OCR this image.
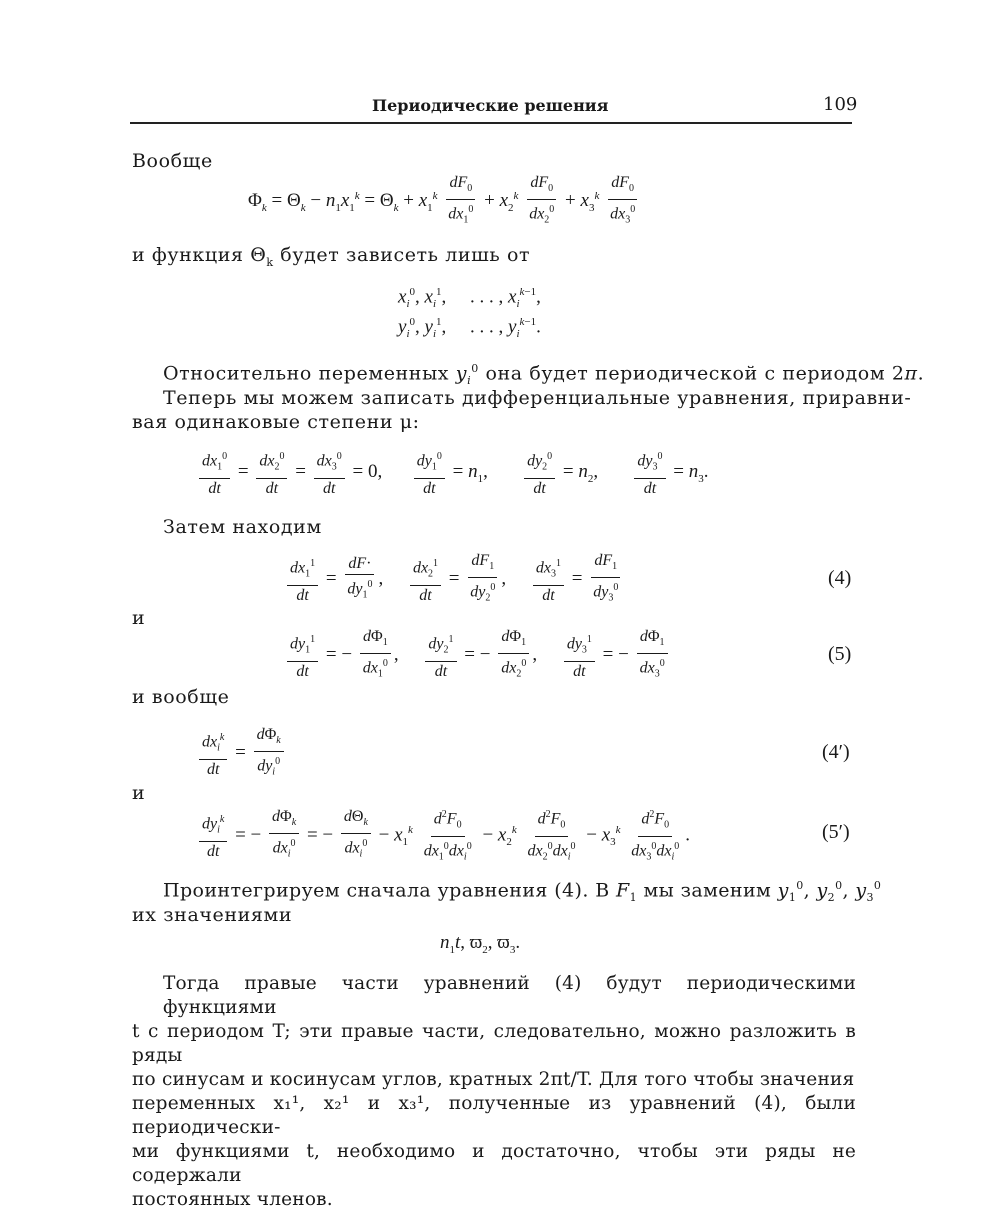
Периодические решения	109
Вообще
$\Phi_k = \Theta_k - n_1x_1^k = \Theta_k + x_1^k \frac{dF_0}{dx_1^0} + x_2^k \frac{dF_0}{dx_2^0} + x_3^k \frac{dF_0}{dx_3^0}$
и функция $\Theta_k$ будет зависеть лишь от
$x_i^0$, $x_i^1$,     . . . , $x_i^{k-1}$,
$y_i^0$, $y_i^1$,     . . . , $y_i^{k-1}$.
Относительно переменных $y_i^0$ она будет периодической с периодом 2π.
Теперь мы можем записать дифференциальные уравнения, приравни-
вая одинаковые степени μ:
$\frac{dx_1^0}{dt} = \frac{dx_2^0}{dt} = \frac{dx_3^0}{dt} = 0$, $\frac{dy_1^0}{dt} = n_1$, $\frac{dy_2^0}{dt} = n_2$, $\frac{dy_3^0}{dt} = n_3$.
Затем находим
$\frac{dx_1^1}{dt} = \frac{dF\cdot}{dy_1^0}$ , $\frac{dx_2^1}{dt} = \frac{dF_1}{dy_2^0}$ , $\frac{dx_3^1}{dt} = \frac{dF_1}{dy_3^0}$	(4)
и
$\frac{dy_1^1}{dt}$ = − $\frac{d\Phi_1}{dx_1^0}$ , $\frac{dy_2^1}{dt}$ = − $\frac{d\Phi_1}{dx_2^0}$ , $\frac{dy_3^1}{dt}$ = − $\frac{d\Phi_1}{dx_3^0}$	(5)
и вообще
$\frac{dx_i^k}{dt} = \frac{d\Phi_k}{dy_i^0}$	(4′)
и
$\frac{dy_i^k}{dt}$ = − $\frac{d\Phi_k}{dx_i^0}$ = − $\frac{d\Theta_k}{dx_i^0} - x_1^k \frac{d^2F_0}{dx_1^0dx_i^0} - x_2^k \frac{d^2F_0}{dx_2^0dx_i^0} - x_3^k \frac{d^2F_0}{dx_3^0dx_i^0}$ .	(5′)
Проинтегрируем сначала уравнения (4). В $F_1$ мы заменим $y_1^0$, $y_2^0$, $y_3^0$
их значениями
$n_1t$, $ϖ_2$, $ϖ_3$.
Тогда правые части уравнений (4) будут периодическими функциями
t с периодом T; эти правые части, следовательно, можно разложить в ряды
по синусам и косинусам углов, кратных 2πt/T. Для того чтобы значения
переменных x₁¹, x₂¹ и x₃¹, полученные из уравнений (4), были периодически-
ми функциями t, необходимо и достаточно, чтобы эти ряды не содержали
постоянных членов.
